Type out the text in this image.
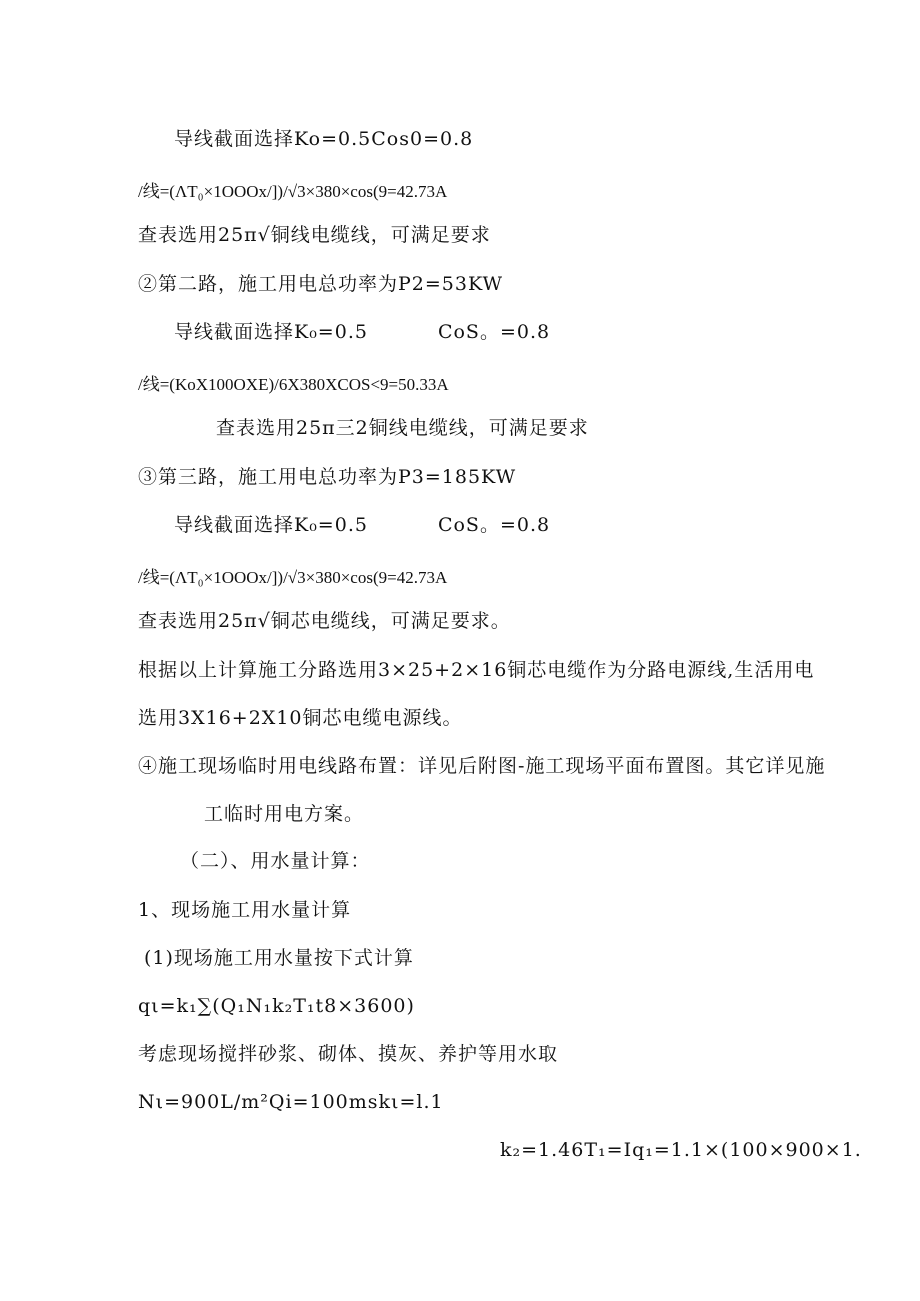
导线截面选择Ko=0.5Cos0=0.8
/线=(ΛT₀×1OOOx/])/√3×380×cos(9=42.73A
查表选用25π√铜线电缆线，可满足要求
②第二路，施工用电总功率为P2=53KW
导线截面选择K₀=0.5	CoS。=0.8
/线=(KoX100OXE)/6X380XCOS<9=50.33A
查表选用25π三2铜线电缆线，可满足要求
③第三路，施工用电总功率为P3=185KW
导线截面选择K₀=0.5	CoS。=0.8
/线=(ΛT₀×1OOOx/])/√3×380×cos(9=42.73A
查表选用25π√铜芯电缆线，可满足要求。
根据以上计算施工分路选用3×25+2×16铜芯电缆作为分路电源线,生活用电
选用3X16+2X10铜芯电缆电源线。
④施工现场临时用电线路布置：详见后附图-施工现场平面布置图。其它详见施
工临时用电方案。
（二）、用水量计算：
1、现场施工用水量计算
(1)现场施工用水量按下式计算
qι=k₁∑(Q₁N₁k₂T₁t8×3600)
考虑现场搅拌砂浆、砌体、摸灰、养护等用水取
Nι=900L/m²Qi=100mskι=l.1
k₂=1.46T₁=Iq₁=1.1×(100×900×1.
